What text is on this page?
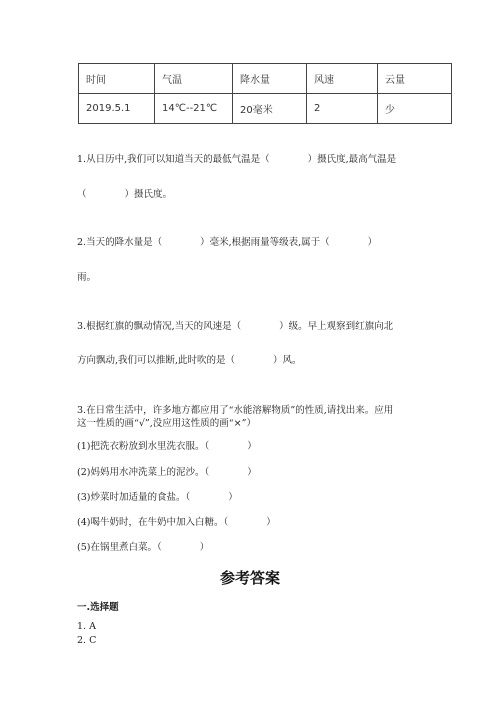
时间	气温	降水量	风速	云量
2019.5.1	14℃--21℃	20毫米	2	少
1.从日历中,我们可以知道当天的最低气温是（　　　　）摄氏度,最高气温是
（　　　　）摄氏度。
2.当天的降水量是（　　　　）毫米,根据雨量等级表,属于（　　　　）
雨。
3.根据红旗的飘动情况,当天的风速是（　　　　）级。早上观察到红旗向北
方向飘动,我们可以推断,此时吹的是（　　　　）风。
3.在日常生活中，许多地方都应用了“水能溶解物质”的性质,请找出来。应用
这一性质的画“√”,没应用这性质的画“×”）
(1)把洗衣粉放到水里洗衣服。（　　　　）
(2)妈妈用水冲洗菜上的泥沙。（　　　　）
(3)炒菜时加适量的食盐。（　　　　）
(4)喝牛奶时，在牛奶中加入白糖。（　　　　）
(5)在锅里煮白菜。（　　　　）
参考答案
一.选择题
1. A
2. C
